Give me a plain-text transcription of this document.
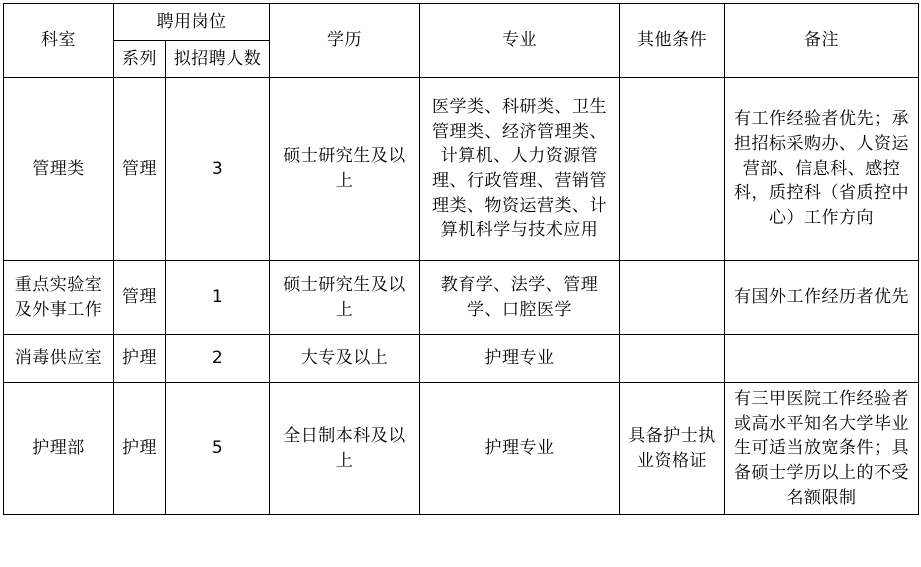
科室	聘用岗位		学历	专业	其他条件	备注
	系列	拟招聘人数				
管理类	管理	3	硕士研究生及以上	医学类、科研类、卫生管理类、经济管理类、计算机、人力资源管理、行政管理、营销管理类、物资运营类、计算机科学与技术应用		有工作经验者优先；承担招标采购办、人资运营部、信息科、感控科，质控科（省质控中心）工作方向
重点实验室及外事工作	管理	1	硕士研究生及以上	教育学、法学、管理学、口腔医学		有国外工作经历者优先
消毒供应室	护理	2	大专及以上	护理专业		
护理部	护理	5	全日制本科及以上	护理专业	具备护士执业资格证	有三甲医院工作经验者或高水平知名大学毕业生可适当放宽条件；具备硕士学历以上的不受名额限制
